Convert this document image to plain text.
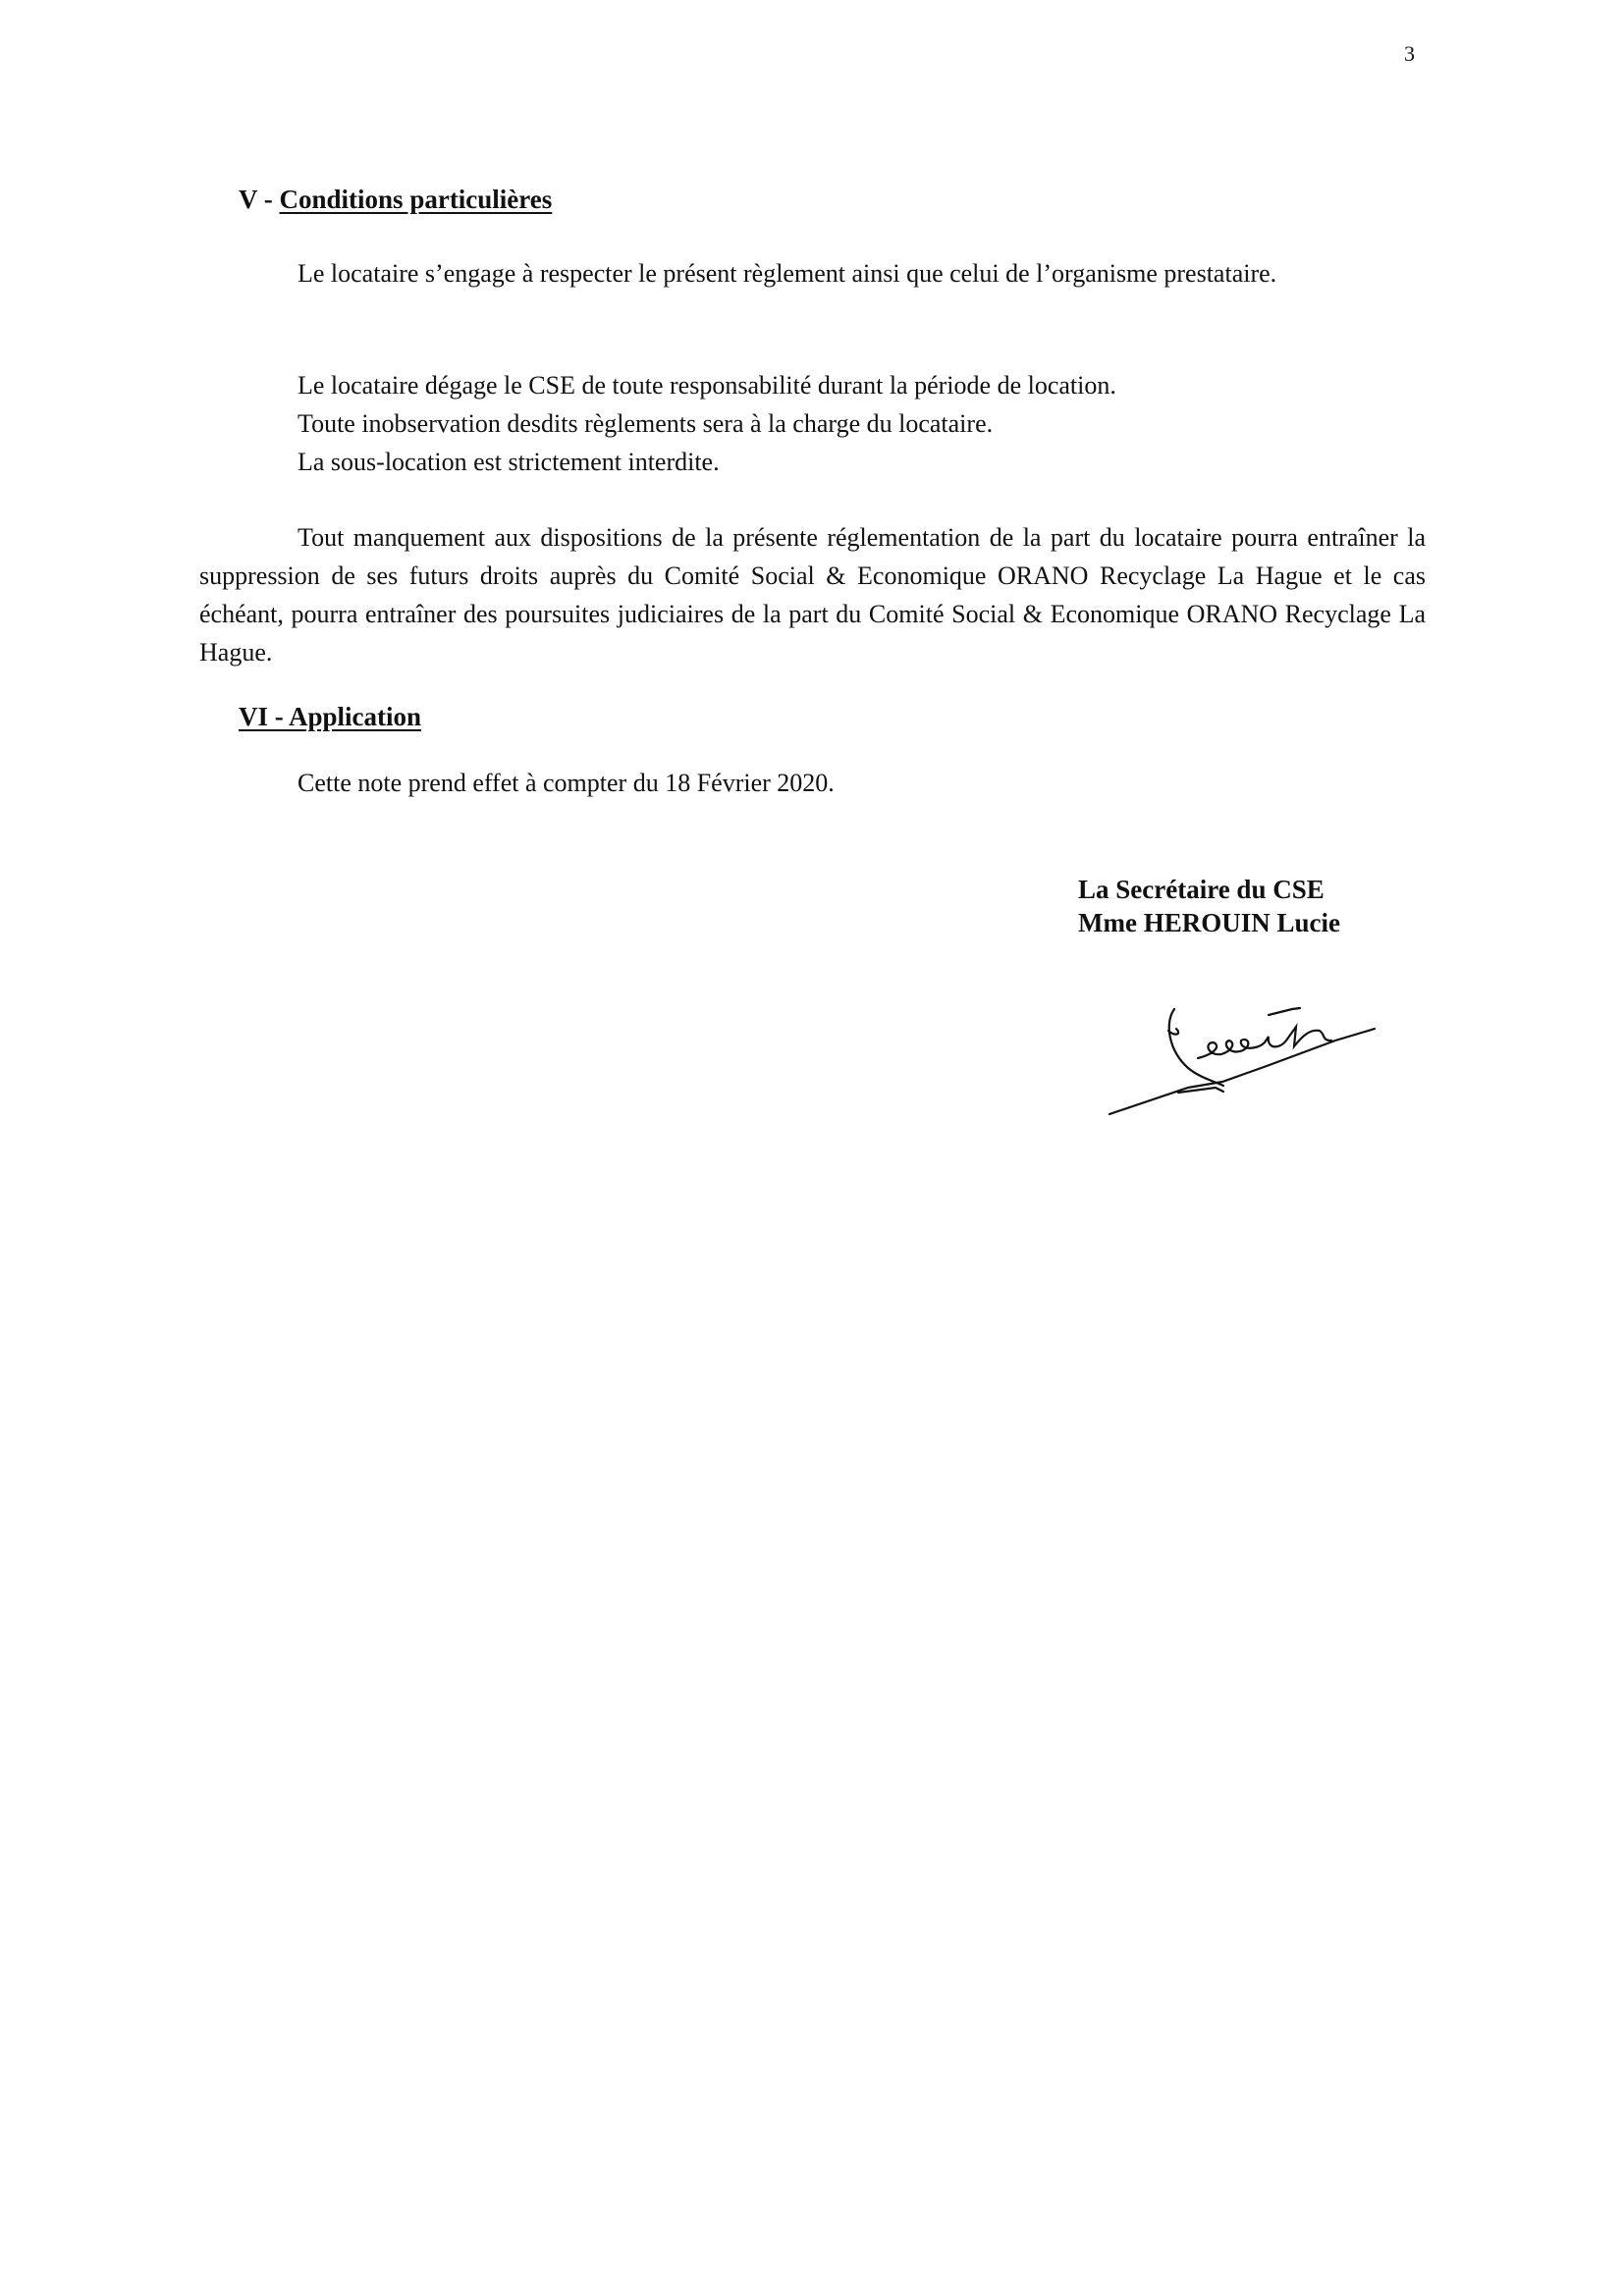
3
V - Conditions particulières
Le locataire s’engage à respecter le présent règlement ainsi que celui de l’organisme prestataire.
Le locataire dégage le CSE de toute responsabilité durant la période de location.
Toute inobservation desdits règlements sera à la charge du locataire.
La sous-location est strictement interdite.
Tout manquement aux dispositions de la présente réglementation de la part du locataire pourra entraîner la suppression de ses futurs droits auprès du Comité Social & Economique ORANO Recyclage La Hague et le cas échéant, pourra entraîner des poursuites judiciaires de la part du Comité Social & Economique ORANO Recyclage La Hague.
VI - Application
Cette note prend effet à compter du 18 Février 2020.
La Secrétaire du CSE
Mme HEROUIN Lucie
